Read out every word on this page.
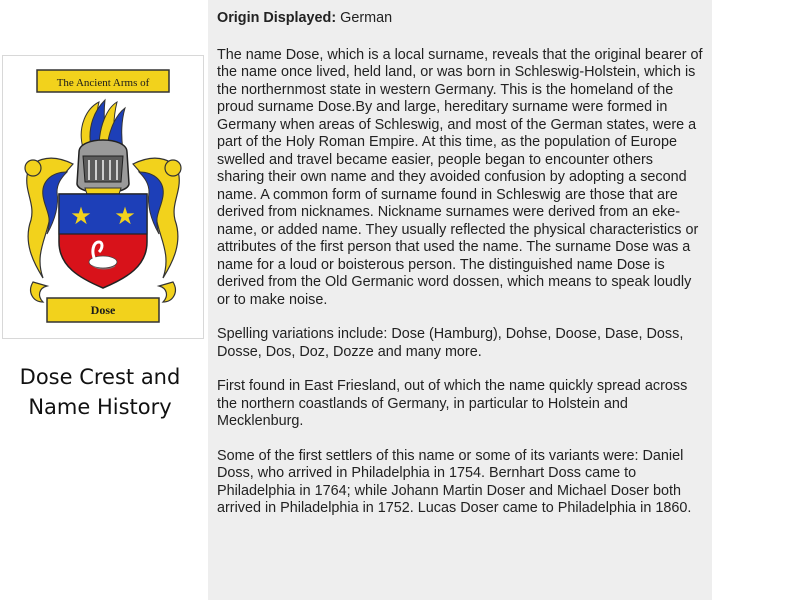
The Ancient Arms of
★ ★
Dose
Dose Crest and
Name History
Origin Displayed: German

The name Dose, which is a local surname, reveals that the original bearer of the name once lived, held land, or was born in Schleswig-Holstein, which is the northernmost state in western Germany. This is the homeland of the proud surname Dose.By and large, hereditary surname were formed in Germany when areas of Schleswig, and most of the German states, were a part of the Holy Roman Empire. At this time, as the population of Europe swelled and travel became easier, people began to encounter others sharing their own name and they avoided confusion by adopting a second name. A common form of surname found in Schleswig are those that are derived from nicknames. Nickname surnames were derived from an eke-name, or added name. They usually reflected the physical characteristics or attributes of the first person that used the name. The surname Dose was a name for a loud or boisterous person. The distinguished name Dose is derived from the Old Germanic word dossen, which means to speak loudly or to make noise.

Spelling variations include: Dose (Hamburg), Dohse, Doose, Dase, Doss, Dosse, Dos, Doz, Dozze and many more.

First found in East Friesland, out of which the name quickly spread across the northern coastlands of Germany, in particular to Holstein and Mecklenburg.

Some of the first settlers of this name or some of its variants were: Daniel Doss, who arrived in Philadelphia in 1754. Bernhart Doss came to Philadelphia in 1764; while Johann Martin Doser and Michael Doser both arrived in Philadelphia in 1752. Lucas Doser came to Philadelphia in 1860.
